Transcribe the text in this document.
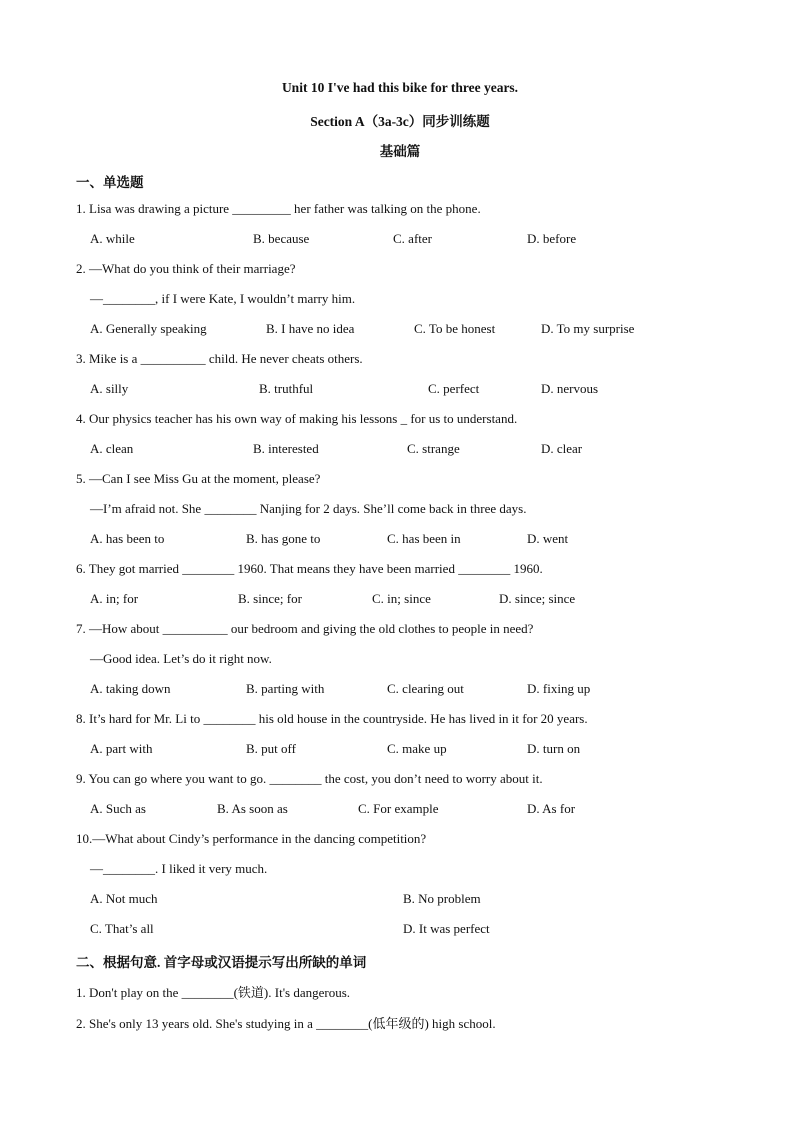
Unit 10 I've had this bike for three years.
Section A（3a-3c）同步训练题
基础篇
一、单选题
1. Lisa was drawing a picture _________ her father was talking on the phone.
A. while	B. because	C. after	D. before
2. —What do you think of their marriage?
—________, if I were Kate, I wouldn’t marry him.
A. Generally speaking	B. I have no idea	C. To be honest	D. To my surprise
3. Mike is a __________ child. He never cheats others.
A. silly	B. truthful	C. perfect	D. nervous
4. Our physics teacher has his own way of making his lessons _ for us to understand.
A. clean	B. interested	C. strange	D. clear
5. —Can I see Miss Gu at the moment, please?
—I’m afraid not. She ________ Nanjing for 2 days. She’ll come back in three days.
A. has been to	B. has gone to	C. has been in	D. went
6. They got married ________ 1960. That means they have been married ________ 1960.
A. in; for	B. since; for	C. in; since	D. since; since
7. —How about __________ our bedroom and giving the old clothes to people in need?
—Good idea. Let’s do it right now.
A. taking down	B. parting with	C. clearing out	D. fixing up
8. It’s hard for Mr. Li to ________ his old house in the countryside. He has lived in it for 20 years.
A. part with	B. put off	C. make up	D. turn on
9. You can go where you want to go. ________ the cost, you don’t need to worry about it.
A. Such as	B. As soon as	C. For example	D. As for
10.—What about Cindy’s performance in the dancing competition?
—________. I liked it very much.
A. Not much	B. No problem
C. That’s all	D. It was perfect
二、根据句意. 首字母或汉语提示写出所缺的单词
1. Don't play on the ________(铁道). It's dangerous.
2. She's only 13 years old. She's studying in a ________(低年级的) high school.
